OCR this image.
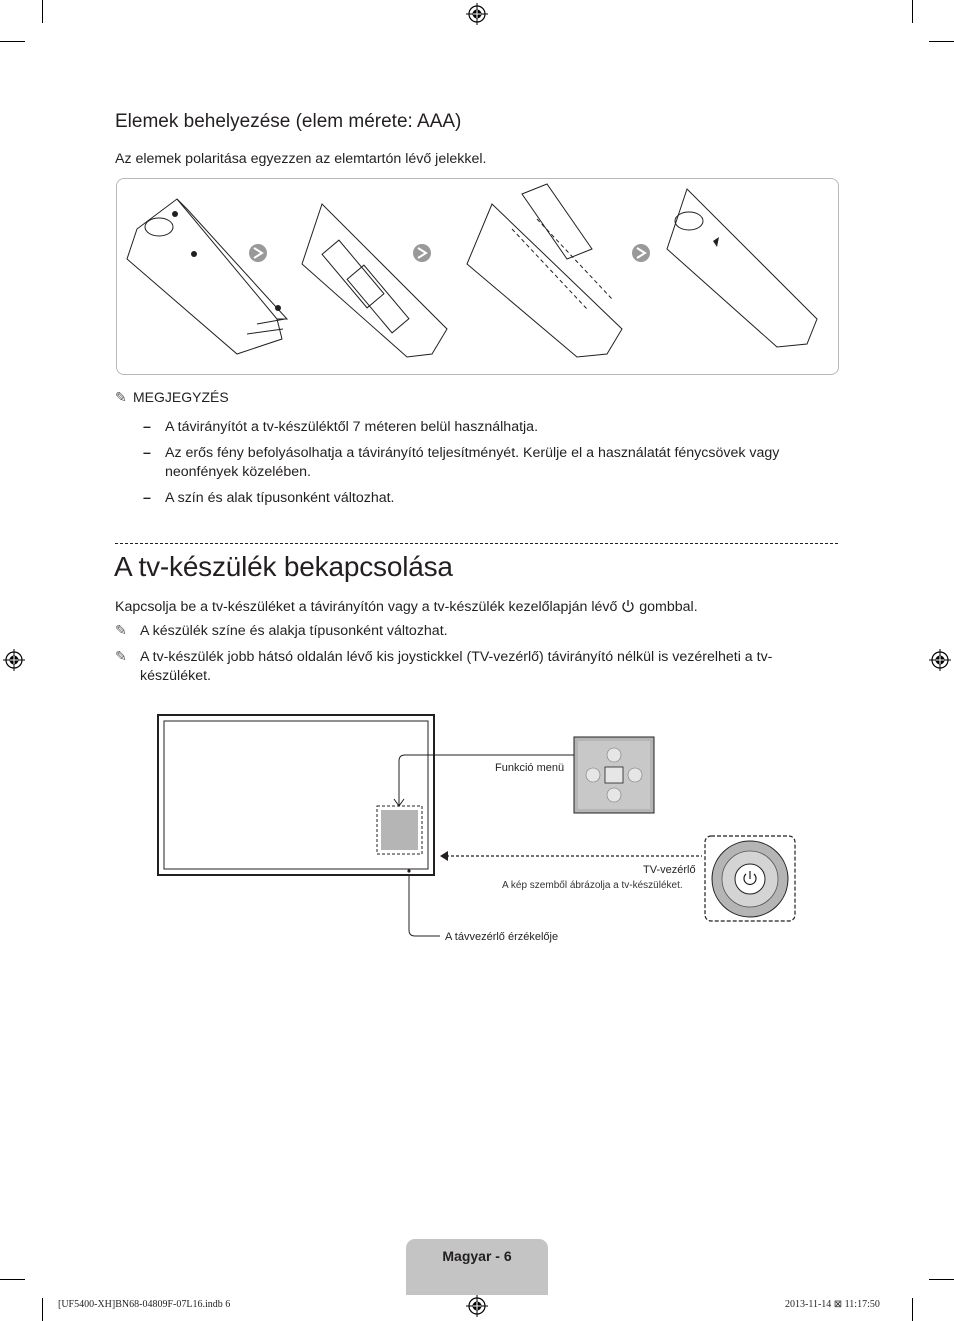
Elemek behelyezése (elem mérete: AAA)

Az elemek polaritása egyezzen az elemtartón lévő jelekkel.

✎ MEGJEGYZÉS
– A távirányítót a tv-készüléktől 7 méteren belül használhatja.
– Az erős fény befolyásolhatja a távirányító teljesítményét. Kerülje el a használatát fénycsövek vagy neonfények közelében.
– A szín és alak típusonként változhat.
A tv-készülék bekapcsolása
Kapcsolja be a tv-készüléket a távirányítón vagy a tv-készülék kezelőlapján lévő gombbal.
✎ A készülék színe és alakja típusonként változhat.
✎ A tv-készülék jobb hátsó oldalán lévő kis joystickkel (TV-vezérlő) távirányító nélkül is vezérelheti a tv-készüléket.
Funkció menü
TV-vezérlő
A kép szemből ábrázolja a tv-készüléket.
A távvezérlő érzékelője
Magyar - 6
[UF5400-XH]BN68-04809F-07L16.indb 6	2013-11-14 ⊠ 11:17:50
